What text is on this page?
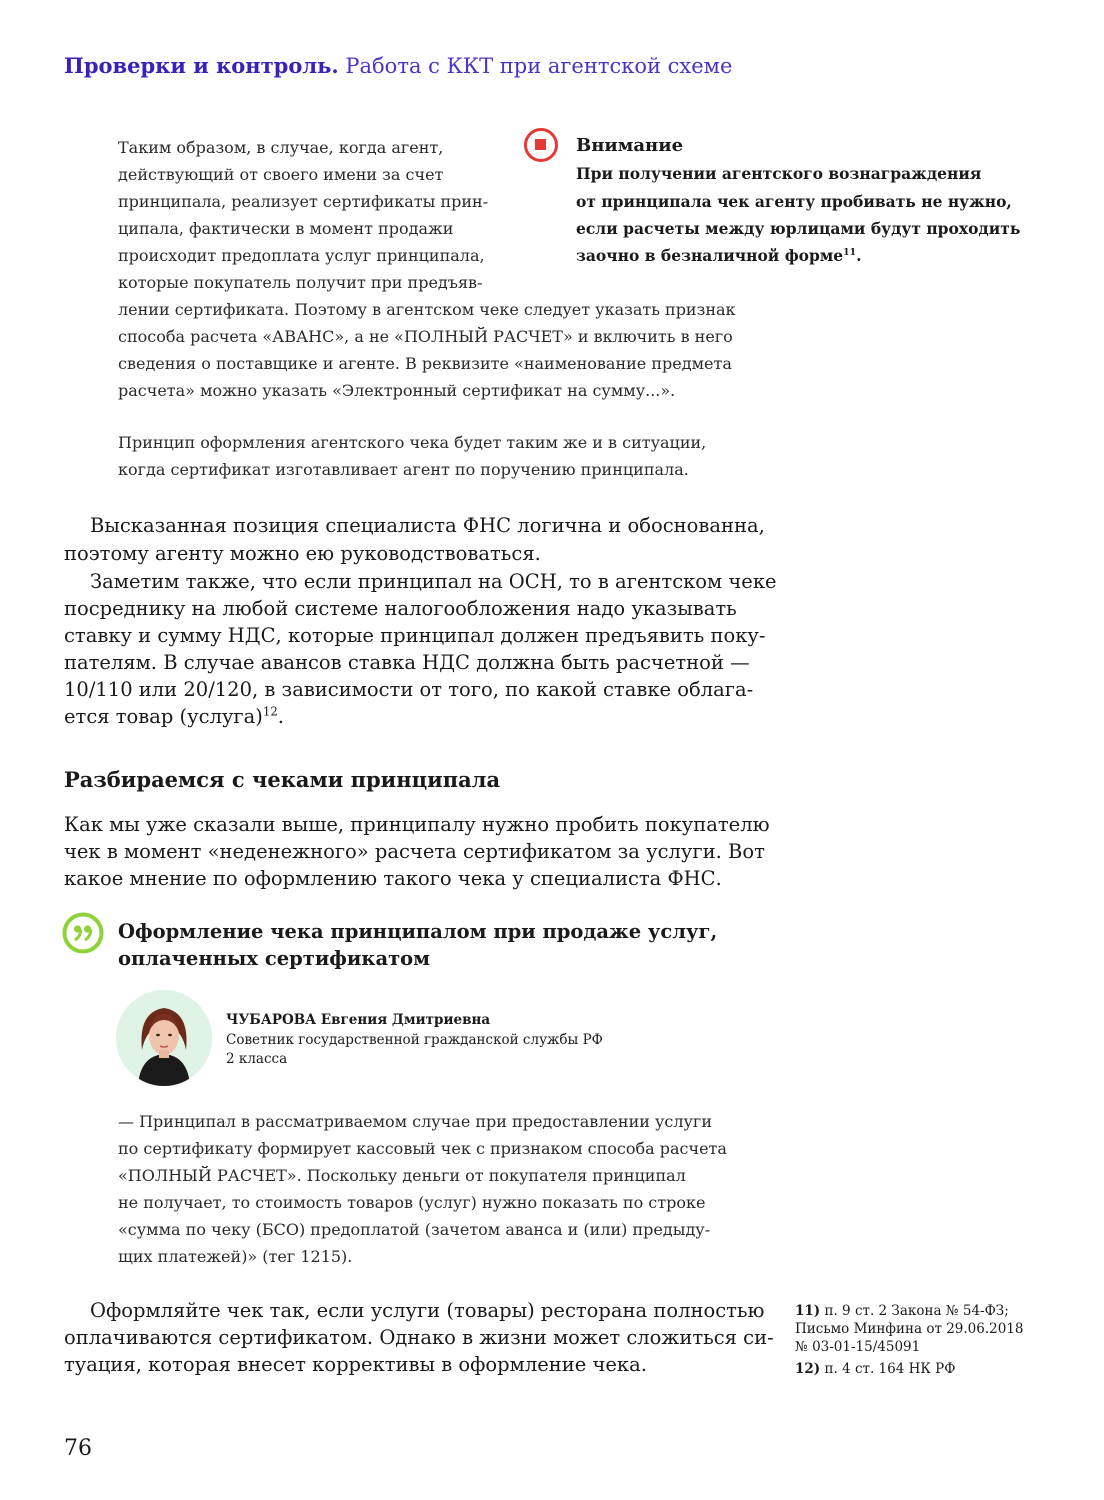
Проверки и контроль. Работа с ККТ при агентской схеме
Таким образом, в случае, когда агент,
действующий от своего имени за счет
принципала, реализует сертификаты прин-
ципала, фактически в момент продажи
происходит предоплата услуг принципала,
которые покупатель получит при предъяв-
лении сертификата. Поэтому в агентском чеке следует указать признак
способа расчета «АВАНС», а не «ПОЛНЫЙ РАСЧЕТ» и включить в него
сведения о поставщике и агенте. В реквизите «наименование предмета
расчета» можно указать «Электронный сертификат на сумму...».
Принцип оформления агентского чека будет таким же и в ситуации,
когда сертификат изготавливает агент по поручению принципала.
Внимание
При получении агентского вознаграждения
от принципала чек агенту пробивать не нужно,
если расчеты между юрлицами будут проходить
заочно в безналичной форме$^{11}$.
Высказанная позиция специалиста ФНС логична и обоснованна,
поэтому агенту можно ею руководствоваться.
Заметим также, что если принципал на ОСН, то в агентском чеке
посреднику на любой системе налогообложения надо указывать
ставку и сумму НДС, которые принципал должен предъявить поку-
пателям. В случае авансов ставка НДС должна быть расчетной —
10/110 или 20/120, в зависимости от того, по какой ставке облага-
ется товар (услуга)$^{12}$.
Разбираемся с чеками принципала
Как мы уже сказали выше, принципалу нужно пробить покупателю
чек в момент «неденежного» расчета сертификатом за услуги. Вот
какое мнение по оформлению такого чека у специалиста ФНС.
Оформление чека принципалом при продаже услуг,
оплаченных сертификатом
ЧУБАРОВА Евгения Дмитриевна
Советник государственной гражданской службы РФ
2 класса
— Принципал в рассматриваемом случае при предоставлении услуги
по сертификату формирует кассовый чек с признаком способа расчета
«ПОЛНЫЙ РАСЧЕТ». Поскольку деньги от покупателя принципал
не получает, то стоимость товаров (услуг) нужно показать по строке
«сумма по чеку (БСО) предоплатой (зачетом аванса и (или) предыду-
щих платежей)» (тег 1215).
Оформляйте чек так, если услуги (товары) ресторана полностью
оплачиваются сертификатом. Однако в жизни может сложиться си-
туация, которая внесет коррективы в оформление чека.
11) п. 9 ст. 2 Закона № 54-ФЗ;
Письмо Минфина от 29.06.2018
№ 03-01-15/45091
12) п. 4 ст. 164 НК РФ
76
